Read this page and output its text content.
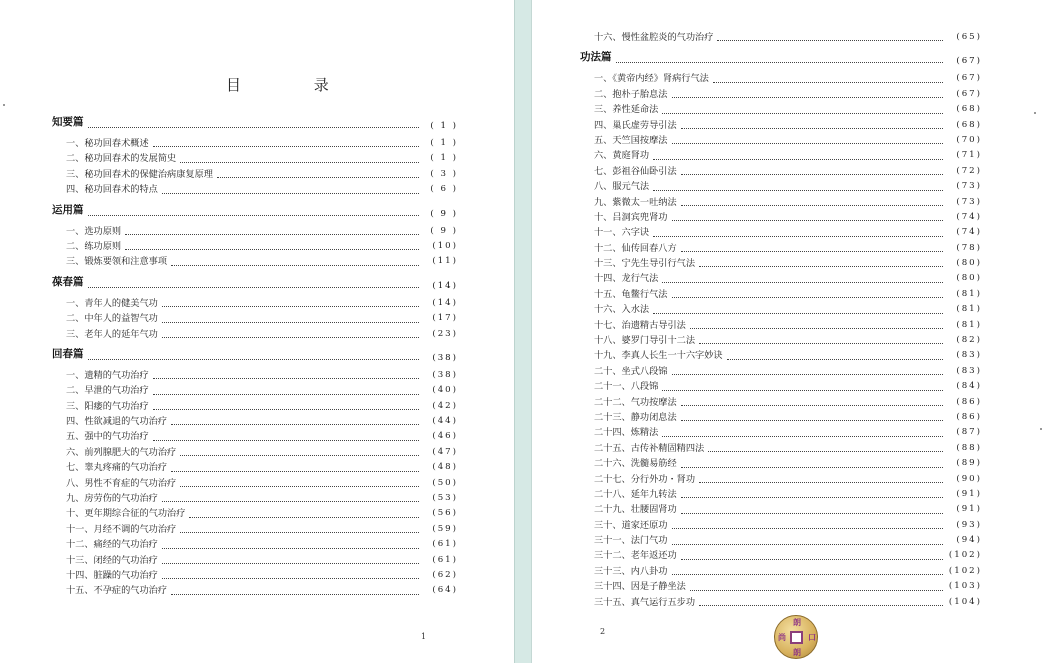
目 录
知要篇	( 1 )
一、秘功回春术概述	( 1 )
二、秘功回春术的发展简史	( 1 )
三、秘功回春术的保健治病康复原理	( 3 )
四、秘功回春术的特点	( 6 )
运用篇	( 9 )
一、选功原则	( 9 )
二、练功原则	(10)
三、锻炼要领和注意事项	(11)
葆春篇	(14)
一、青年人的健美气功	(14)
二、中年人的益智气功	(17)
三、老年人的延年气功	(23)
回春篇	(38)
一、遗精的气功治疗	(38)
二、早泄的气功治疗	(40)
三、阳痿的气功治疗	(42)
四、性欲减退的气功治疗	(44)
五、强中的气功治疗	(46)
六、前列腺肥大的气功治疗	(47)
七、睾丸疼痛的气功治疗	(48)
八、男性不育症的气功治疗	(50)
九、房劳伤的气功治疗	(53)
十、更年期综合征的气功治疗	(56)
十一、月经不调的气功治疗	(59)
十二、痛经的气功治疗	(61)
十三、闭经的气功治疗	(61)
十四、脏躁的气功治疗	(62)
十五、不孕症的气功治疗	(64)
1
十六、慢性盆腔炎的气功治疗	(65)
功法篇	(67)
一、《黄帝内经》肾病行气法	(67)
二、抱朴子胎息法	(67)
三、养性延命法	(68)
四、巢氏虚劳导引法	(68)
五、天竺国按摩法	(70)
六、黄庭肾功	(71)
七、彭祖谷仙卧引法	(72)
八、服元气法	(73)
九、紫微太一吐纳法	(73)
十、吕洞宾兜肾功	(74)
十一、六字诀	(74)
十二、仙传回春八方	(78)
十三、宁先生导引行气法	(80)
十四、龙行气法	(80)
十五、龟鳖行气法	(81)
十六、入水法	(81)
十七、治遗精古导引法	(81)
十八、婆罗门导引十二法	(82)
十九、李真人长生一十六字妙诀	(83)
二十、坐式八段锦	(83)
二十一、八段锦	(84)
二十二、气功按摩法	(86)
二十三、静功闭息法	(86)
二十四、炼精法	(87)
二十五、古传补精固精四法	(88)
二十六、洗髓易筋经	(89)
二十七、分行外功・肾功	(90)
二十八、延年九转法	(91)
二十九、壮腰固肾功	(91)
三十、道家还原功	(93)
三十一、法门气功	(94)
三十二、老年返还功	(102)
三十三、内八卦功	(102)
三十四、因是子静坐法	(103)
三十五、真气运行五步功	(104)
2
朗
朗
尚	口
